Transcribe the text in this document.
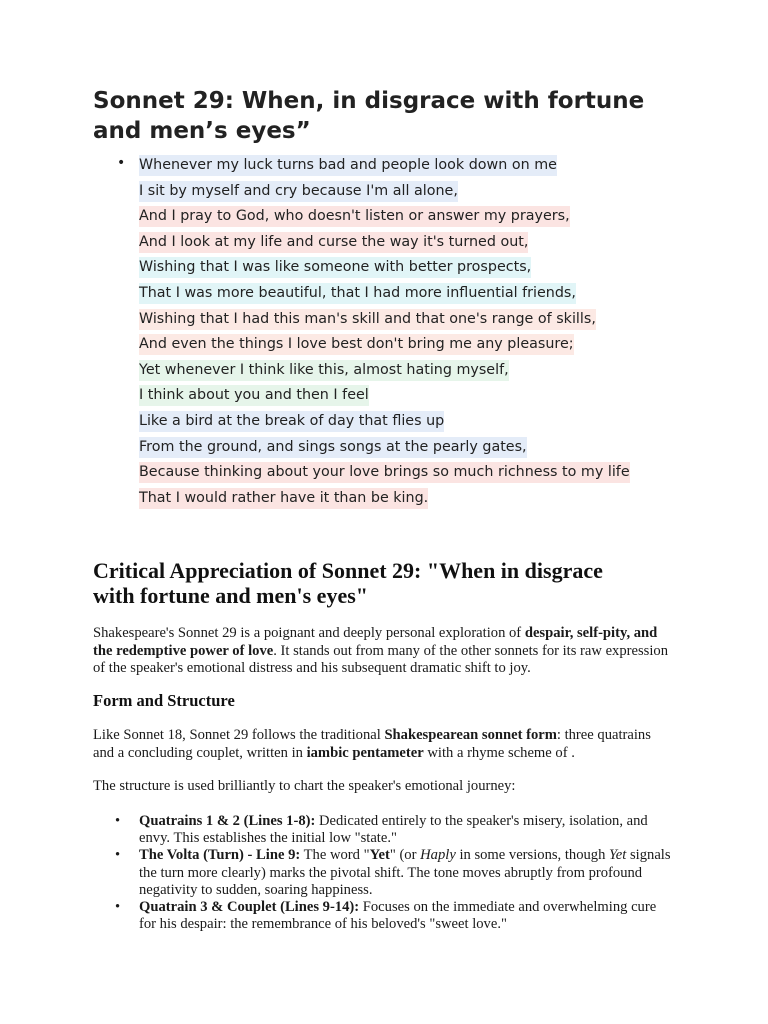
Sonnet 29: When, in disgrace with fortune and men’s eyes”
• Whenever my luck turns bad and people look down on me
I sit by myself and cry because I'm all alone,
And I pray to God, who doesn't listen or answer my prayers,
And I look at my life and curse the way it's turned out,
Wishing that I was like someone with better prospects,
That I was more beautiful, that I had more influential friends,
Wishing that I had this man's skill and that one's range of skills,
And even the things I love best don't bring me any pleasure;
Yet whenever I think like this, almost hating myself,
I think about you and then I feel
Like a bird at the break of day that flies up
From the ground, and sings songs at the pearly gates,
Because thinking about your love brings so much richness to my life
That I would rather have it than be king.
Critical Appreciation of Sonnet 29: "When in disgrace
with fortune and men's eyes"

Shakespeare's Sonnet 29 is a poignant and deeply personal exploration of despair, self-pity, and the redemptive power of love. It stands out from many of the other sonnets for its raw expression of the speaker's emotional distress and his subsequent dramatic shift to joy.

Form and Structure

Like Sonnet 18, Sonnet 29 follows the traditional Shakespearean sonnet form: three quatrains and a concluding couplet, written in iambic pentameter with a rhyme scheme of .

The structure is used brilliantly to chart the speaker's emotional journey:

• Quatrains 1 & 2 (Lines 1-8): Dedicated entirely to the speaker's misery, isolation, and envy. This establishes the initial low "state."
• The Volta (Turn) - Line 9: The word "Yet" (or Haply in some versions, though Yet signals the turn more clearly) marks the pivotal shift. The tone moves abruptly from profound negativity to sudden, soaring happiness.
• Quatrain 3 & Couplet (Lines 9-14): Focuses on the immediate and overwhelming cure for his despair: the remembrance of his beloved's "sweet love."
